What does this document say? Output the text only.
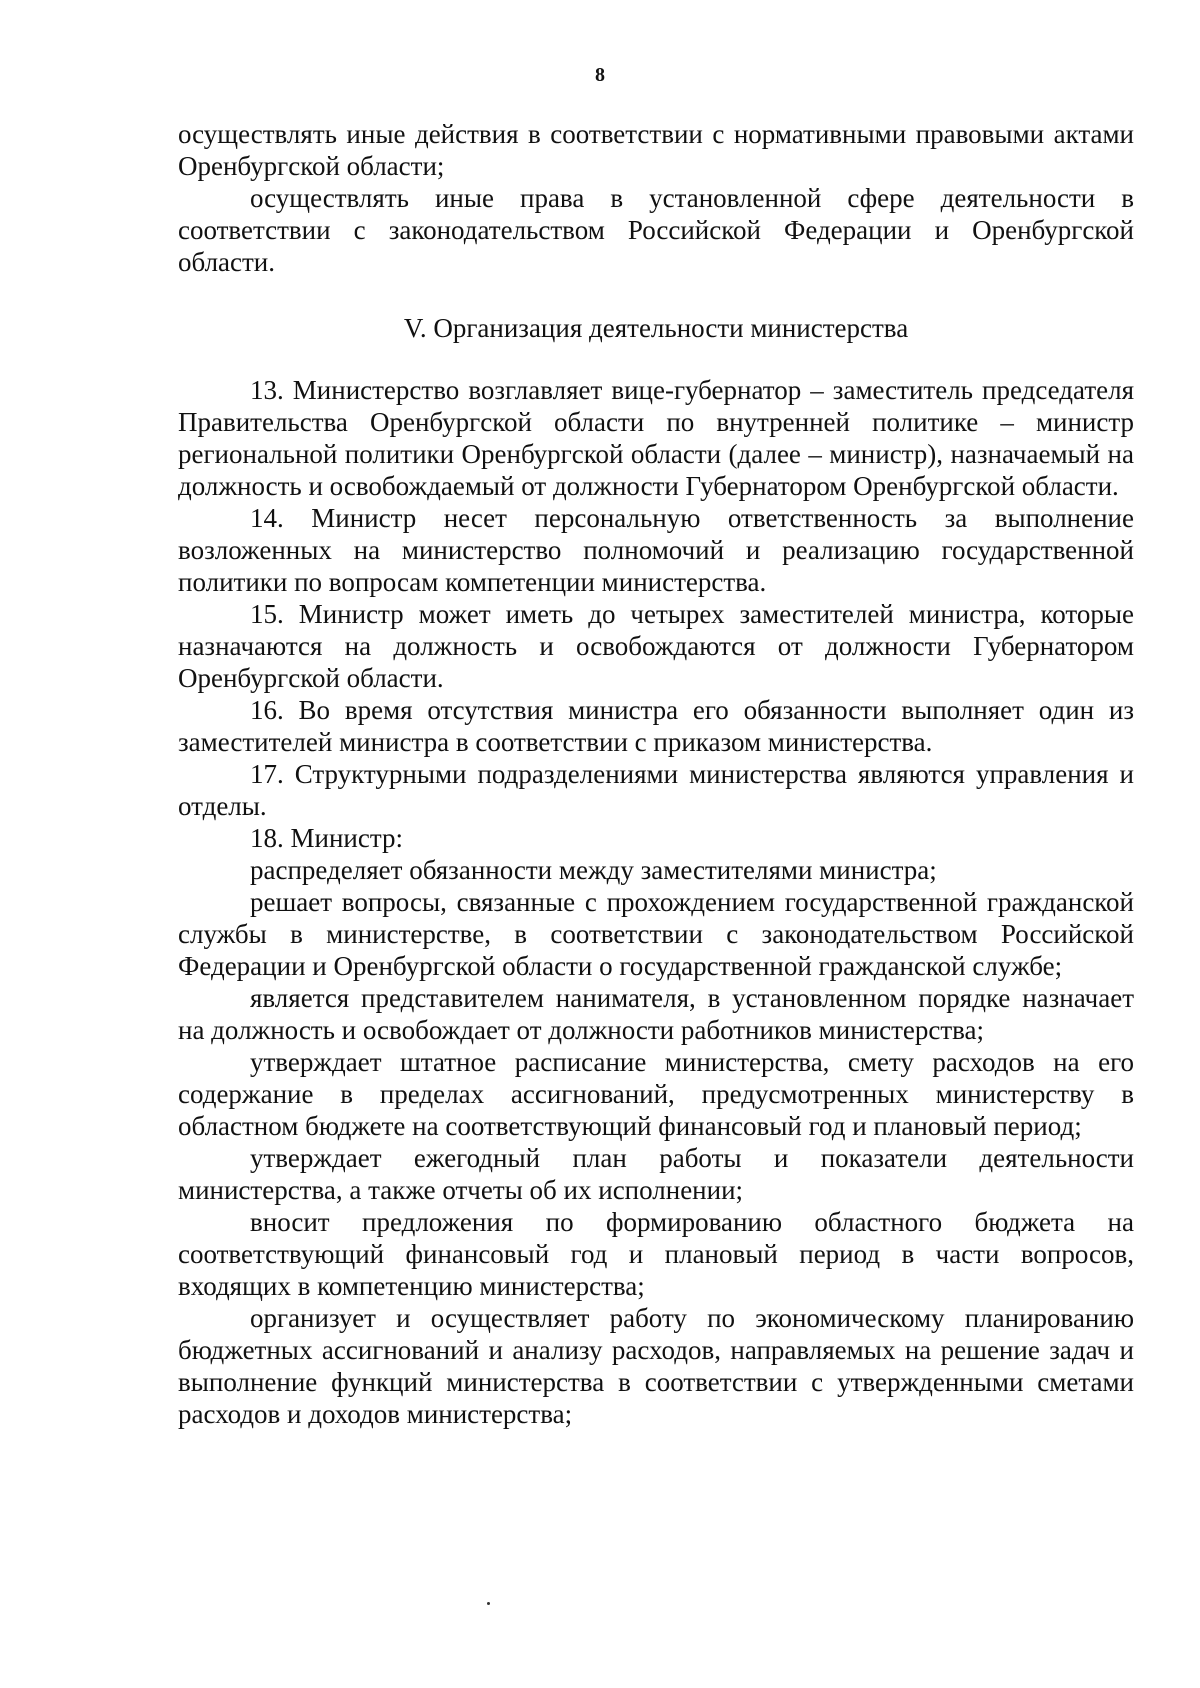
8

осуществлять иные действия в соответствии с нормативными правовыми актами Оренбургской области;

осуществлять иные права в установленной сфере деятельности в соответствии с законодательством Российской Федерации и Оренбургской области.

V. Организация деятельности министерства

13. Министерство возглавляет вице-губернатор – заместитель председателя Правительства Оренбургской области по внутренней политике – министр региональной политики Оренбургской области (далее – министр), назначаемый на должность и освобождаемый от должности Губернатором Оренбургской области.

14. Министр несет персональную ответственность за выполнение возложенных на министерство полномочий и реализацию государственной политики по вопросам компетенции министерства.

15. Министр может иметь до четырех заместителей министра, которые назначаются на должность и освобождаются от должности Губернатором Оренбургской области.

16. Во время отсутствия министра его обязанности выполняет один из заместителей министра в соответствии с приказом министерства.

17. Структурными подразделениями министерства являются управления и отделы.

18. Министр:

распределяет обязанности между заместителями министра;

решает вопросы, связанные с прохождением государственной гражданской службы в министерстве, в соответствии с законодательством Российской Федерации и Оренбургской области о государственной гражданской службе;

является представителем нанимателя, в установленном порядке назначает на должность и освобождает от должности работников министерства;

утверждает штатное расписание министерства, смету расходов на его содержание в пределах ассигнований, предусмотренных министерству в областном бюджете на соответствующий финансовый год и плановый период;

утверждает ежегодный план работы и показатели деятельности министерства, а также отчеты об их исполнении;

вносит предложения по формированию областного бюджета на соответствующий финансовый год и плановый период в части вопросов, входящих в компетенцию министерства;

организует и осуществляет работу по экономическому планированию бюджетных ассигнований и анализу расходов, направляемых на решение задач и выполнение функций министерства в соответствии с утвержденными сметами расходов и доходов министерства;
